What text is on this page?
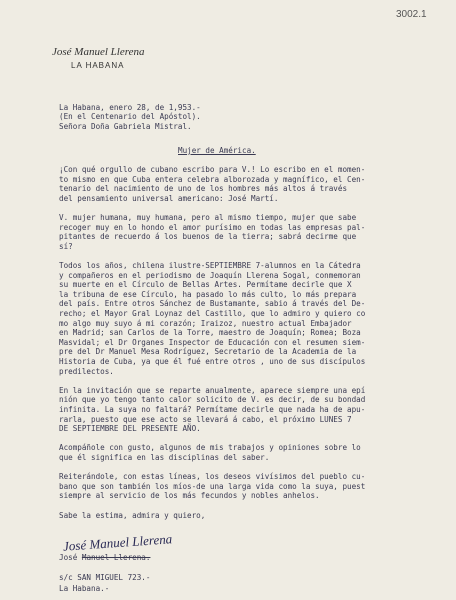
3002.1
José Manuel Llerena
LA HABANA
La Habana, enero 28, de 1,953.-
(En el Centenario del Apóstol).
Señora Doña Gabriela Mistral.
Mujer de América.
¡Con qué orgullo de cubano escribo para V.! Lo escribo en el momen-
to mismo en que Cuba entera celebra alborozada y magnífico, el Cen-
tenario del nacimiento de uno de los hombres más altos á través
del pensamiento universal americano: José Martí.
V. mujer humana, muy humana, pero al mismo tiempo, mujer que sabe
recoger muy en lo hondo el amor purísimo en todas las empresas pal-
pitantes de recuerdo á los buenos de la tierra; sabrá decirme que
sí?
Todos los años, chilena ilustre-SEPTIEMBRE 7-alumnos en la Cátedra
y compañeros en el periodismo de Joaquín Llerena Sogal, conmemoran
su muerte en el Círculo de Bellas Artes. Permítame decirle que X
la tribuna de ese Círculo, ha pasado lo más culto, lo más prepara
del país. Entre otros Sánchez de Bustamante, sabio á través del De-
recho; el Mayor Gral Loynaz del Castillo, que lo admiro y quiero co
mo algo muy suyo á mi corazón; Iraizoz, nuestro actual Embajador
en Madrid; san Carlos de la Torre, maestro de Joaquín; Romea; Boza
Masvidal; el Dr Organes Inspector de Educación con el resumen siem-
pre del Dr Manuel Mesa Rodríguez, Secretario de la Academia de la
Historia de Cuba, ya que él fué entre otros , uno de sus discípulos
predilectos.
En la invitación que se reparte anualmente, aparece siempre una epí
nión que yo tengo tanto calor solicito de V. es decir, de su bondad
infinita. La suya no faltará? Permítame decirle que nada ha de apu-
rarla, puesto que ese acto se llevará á cabo, el próximo LUNES 7
DE SEPTIEMBRE DEL PRESENTE AÑO.
Acompáñole con gusto, algunos de mis trabajos y opiniones sobre lo
que él significa en las disciplinas del saber.
Reiterándole, con estas líneas, los deseos vivísimos del pueblo cu-
bano que son también los míos-de una larga vida como la suya, puest
siempre al servicio de los más fecundos y nobles anhelos.
Sabe la estima, admira y quiero,
José Manuel Llerena
José Manuel Llerena.
s/c SAN MIGUEL 723.-
La Habana.-
